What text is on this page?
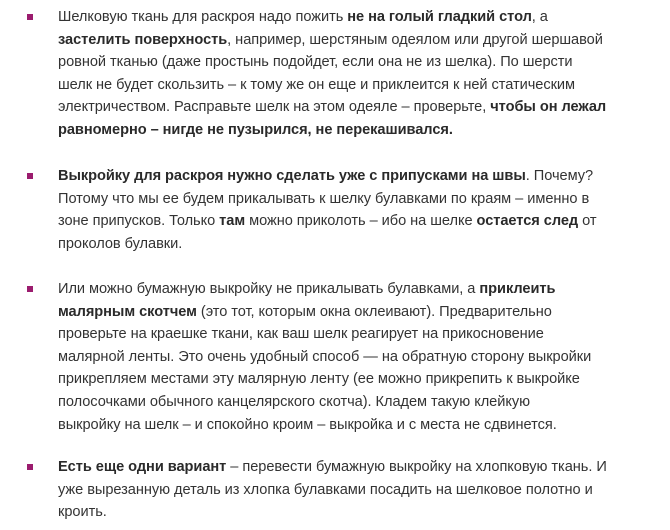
Шелковую ткань для раскроя надо пожить не на голый гладкий стол, а
застелить поверхность, например, шерстяным одеялом или другой шершавой
ровной тканью (даже простынь подойдет, если она не из шелка). По шерсти
шелк не будет скользить – к тому же он еще и приклеится к ней статическим
электричеством. Расправьте шелк на этом одеяле – проверьте, чтобы он лежал
равномерно – нигде не пузырился, не перекашивался.
Выкройку для раскроя нужно сделать уже с припусками на швы. Почему?
Потому что мы ее будем прикалывать к шелку булавками по краям – именно в
зоне припусков. Только там можно приколоть – ибо на шелке остается след от
проколов булавки.
Или можно бумажную выкройку не прикалывать булавками, а приклеить
малярным скотчем (это тот, которым окна оклеивают). Предварительно
проверьте на краешке ткани, как ваш шелк реагирует на прикосновение
малярной ленты. Это очень удобный способ — на обратную сторону выкройки
прикрепляем местами эту малярную ленту (ее можно прикрепить к выкройке
полосочками обычного канцелярского скотча). Кладем такую клейкую
выкройку на шелк – и спокойно кроим – выкройка и с места не сдвинется.
Есть еще одни вариант – перевести бумажную выкройку на хлопковую ткань. И
уже вырезанную деталь из хлопка булавками посадить на шелковое полотно и
кроить.
